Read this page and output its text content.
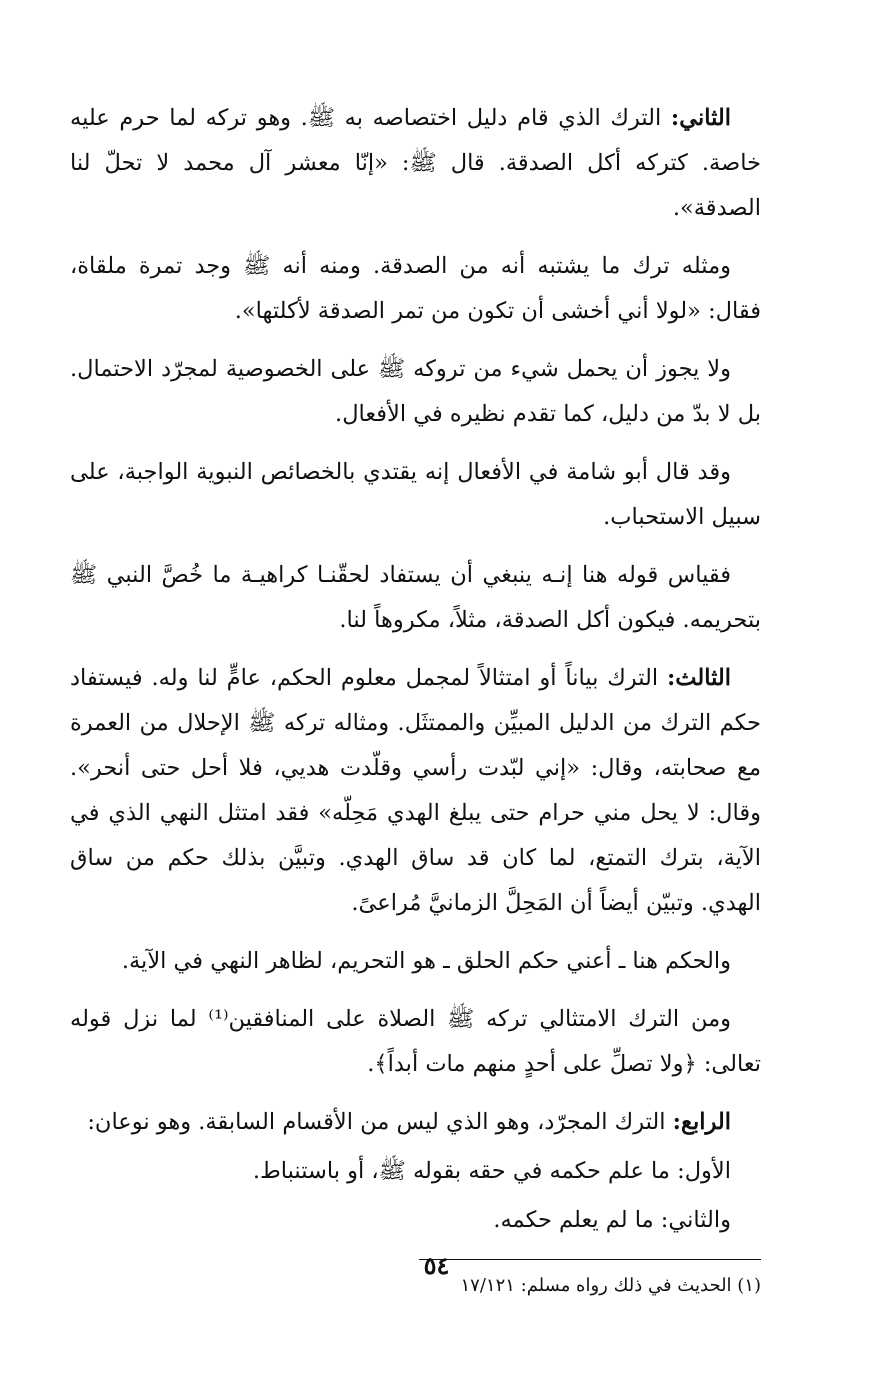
الثاني: الترك الذي قام دليل اختصاصه به ﷺ. وهو تركه لما حرم عليه خاصة. كتركه أكل الصدقة. قال ﷺ: «إنّا معشر آل محمد لا تحلّ لنا الصدقة».

ومثله ترك ما يشتبه أنه من الصدقة. ومنه أنه ﷺ وجد تمرة ملقاة، فقال: «لولا أني أخشى أن تكون من تمر الصدقة لأكلتها».

ولا يجوز أن يحمل شيء من تروكه ﷺ على الخصوصية لمجرّد الاحتمال. بل لا بدّ من دليل، كما تقدم نظيره في الأفعال.

وقد قال أبو شامة في الأفعال إنه يقتدي بالخصائص النبوية الواجبة، على سبيل الاستحباب.

فقياس قوله هنا إنـه ينبغي أن يستفاد لحقّنـا كراهيـة ما خُصَّ النبي ﷺ بتحريمه. فيكون أكل الصدقة، مثلاً، مكروهاً لنا.

الثالث: الترك بياناً أو امتثالاً لمجمل معلوم الحكم، عامٍّ لنا وله. فيستفاد حكم الترك من الدليل المبيِّن والممتثَل. ومثاله تركه ﷺ الإحلال من العمرة مع صحابته، وقال: «إني لبّدت رأسي وقلّدت هديي، فلا أحل حتى أنحر». وقال: لا يحل مني حرام حتى يبلغ الهدي مَحِلّه» فقد امتثل النهي الذي في الآية، بترك التمتع، لما كان قد ساق الهدي. وتبيَّن بذلك حكم من ساق الهدي. وتبيّن أيضاً أن المَحِلَّ الزمانيَّ مُراعىً.

والحكم هنا ـ أعني حكم الحلق ـ هو التحريم، لظاهر النهي في الآية.

ومن الترك الامتثالي تركه ﷺ الصلاة على المنافقين⁽¹⁾ لما نزل قوله تعالى: ﴿ولا تصلِّ على أحدٍ منهم مات أبداً﴾.

الرابع: الترك المجرّد، وهو الذي ليس من الأقسام السابقة. وهو نوعان:

الأول: ما علم حكمه في حقه بقوله ﷺ، أو باستنباط.

والثاني: ما لم يعلم حكمه.

(١) الحديث في ذلك رواه مسلم: ١٧/١٢١
٥٤
